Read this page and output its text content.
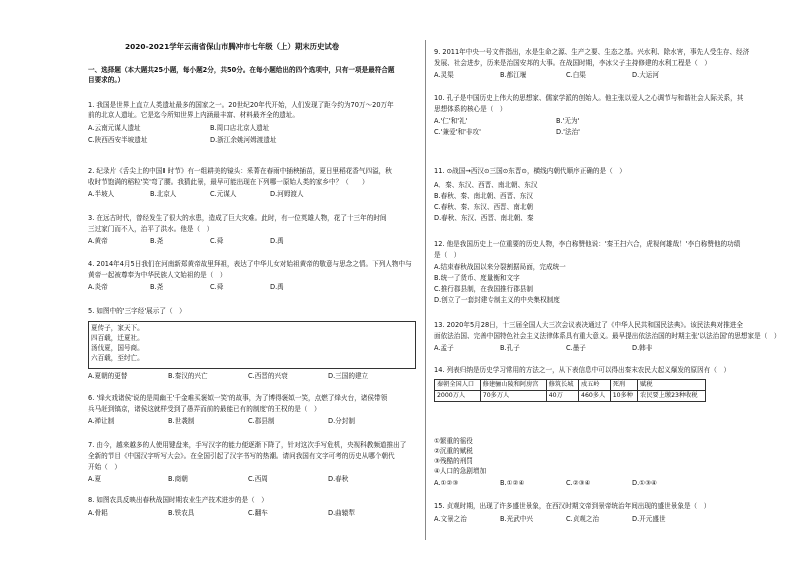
2020-2021学年云南省保山市腾冲市七年级（上）期末历史试卷
一、选择题（本大题共25小题，每小题2分，共50分。在每小题给出的四个选项中，只有一项是最符合题
目要求的。）
1. 我国是世界上直立人类遗址最多的国家之一。20世纪20年代开始，人们发现了距今约为70万～20万年
前的北京人遗址。它是迄今所知世界上内涵最丰富、材料最齐全的遗址。
A.云南元谋人遗址	B.周口店北京人遗址
C.陕西西安半坡遗址	D.浙江余姚河姆渡遗址
2. 纪录片《舌尖上的中国Ⅱ 时节》有一组耕美的镜头：釆菁在春雨中插秧插苗，夏日里稻花香气四溢，秋
收时节饱满的稻粒'笑'弯了腰。我猜此景，最早可能出现在下列哪一原始人类的家乡中？（　　）
A.半坡人	B.北京人	C.元谋人	D.河姆渡人
3. 在远古时代，曾经发生了很大的水患，造成了巨大灾难。此时，有一位英雄人物，花了十三年的时间
三过家门而不入，治平了洪水。他是（　）
A.黄帝	B.尧	C.舜	D.禹
4. 2014年4月5日我们在河南新郑黄帝故里拜祖，表达了中华儿女对始祖黄帝的敬意与思念之情。下列人物中与
黄帝一起被尊奉为中华民族人文始祖的是（　）
A.炎帝	B.尧	C.舜	D.禹
5. 如图中的'三字经'展示了（　）
夏传子，家天下。
四百载，迁夏社。
汤伐夏，国号商。
六百载，至纣亡。
A.夏朝的更替	B.秦汉的兴亡	C.西晋的兴衰	D.三国的建立
6. '烽火戏诸侯'说的是周幽王'千金难买褒姒一笑'的故事，为了博得褒姒一笑，点燃了烽火台，诸侯带领
兵马赶到镐京，诸侯这就样受到了愚弄而前的最能已有的制度'的王权的是（　）
A.禅让制	B.世袭制	C.郡县制	D.分封制
7. 由今，越来越多的人使用键盘来，手写汉字的能力便逐渐下降了，针对这次手写危机，央视科教频道推出了
全新的节目《中国汉字听写大会》。在全国引起了汉字书写的热潮。请问我国有文字可考的历史从哪个朝代
开始（　）
A.夏	B.商朝	C.西周	D.春秋
8. 如图农具反映出春秋战国时期农业生产技术进步的是（　）
A.骨耜	B.铁农具	C.翻车	D.曲辕犁
9. 2011年中央一号文件指出，水是生命之源、生产之要、生态之基。兴水利、除水害，事先人受生存、经济
发展、社会进步，历来是治国安邦的大事。在战国时期，李冰父子主持修建的水利工程是（　）
A.灵渠	B.都江堰	C.白渠	D.大运河
10. 孔子是中国历史上伟大的思想家、儒家学派的创始人。他主张以爱人之心调节与和谐社会人际关系，其
思想体系的核心是（　）
A.'仁'和'礼'	B.'无为'
C.'兼爱'和'非攻'	D.'法治'
11. ⊙战国→西汉⊙三国⊙东晋⊙，横线内朝代顺序正确的是（　）
A．秦、东汉、西晋、南北朝、东汉
B.春秋、秦、南北朝、西晋、东汉
C.春秋、秦、东汉、西晋、南北朝
D.春秋、东汉、西晋、南北朝、秦
12. 他是我国历史上一位重要的历史人物，李白称赞他说：'秦王扫六合，虎视何雄哉！'李白称赞他的功绩
是（　）
A.结束春秋战国以来分裂割据局面，完成统一
B.统一了货币、度量衡和文字
C.推行郡县制，在我国推行郡县制
D.创立了一套封建专制主义的中央集权制度
13. 2020年5月28日，十三届全国人大三次会议表决通过了《中华人民共和国民法典》。该民法典对推进全
面依法治国、完善中国特色社会主义法律体系具有重大意义。最早提出依法治国的时期主张'以法治国'的思想家是（　）
A.孟子	B.孔子	C.墨子	D.韩非
14. 列表归纳是历史学习常用的方法之一，从下表信息中可以得出秦末农民大起义爆发的原因有（　）
秦朝全国人口	修建骊山陵和阿房宫	修筑长城	戍五岭	死刑	赋税
2000万人	70多万人	40万	460多人	10多种	农民要上缴23种收税
①繁重的徭役
②沉重的赋税
③残酷的刑罚
④人口的急剧增加
A.①②③	B.①②④	C.②③④	D.①③④
15. 贞观时期，出现了许多盛世景象，在西汉时期文帝到景帝统治年间出现的盛世景象是（　）
A.文景之治	B.光武中兴	C.贞观之治	D.开元盛世
